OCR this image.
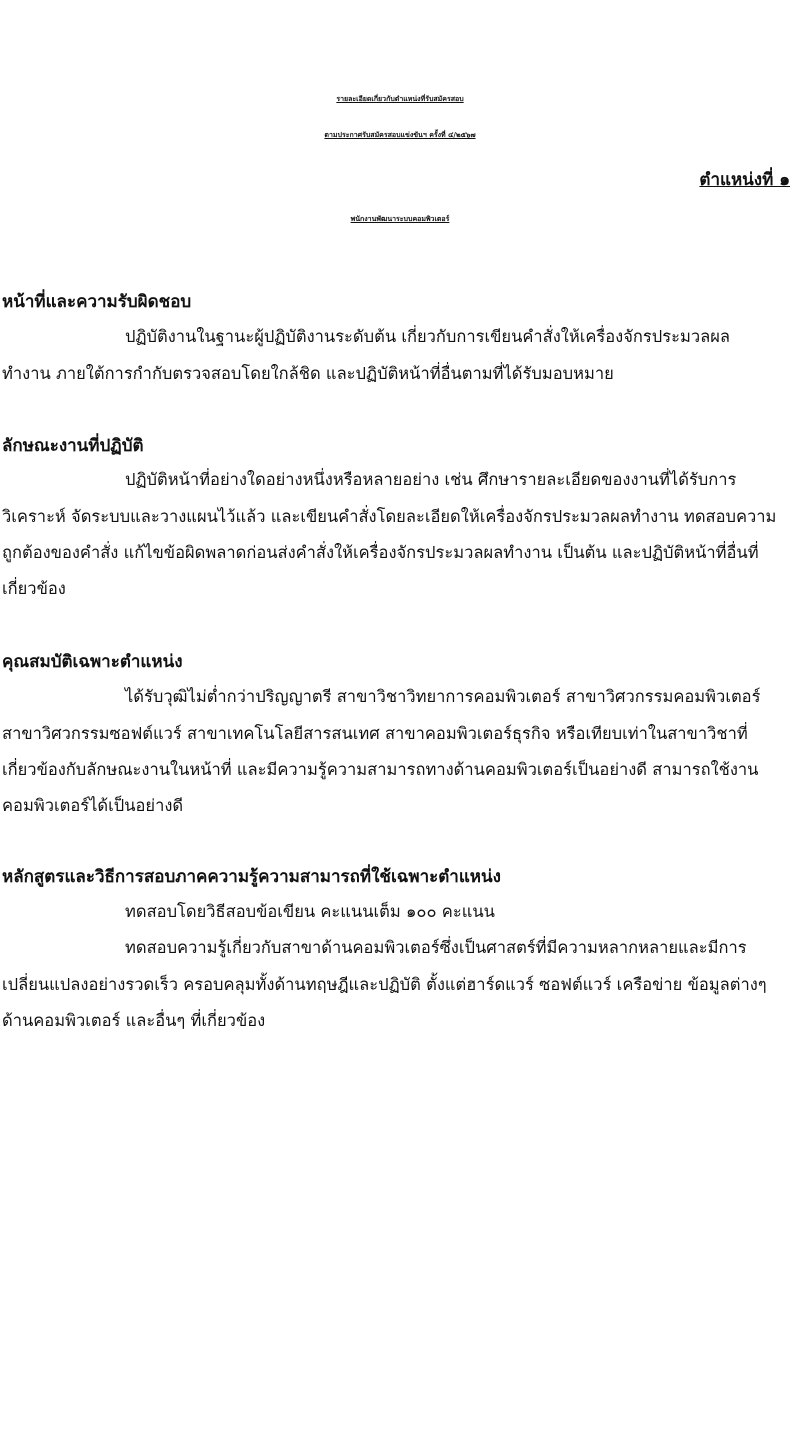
รายละเอียดเกี่ยวกับตำแหน่งที่รับสมัครสอบ
ตามประกาศรับสมัครสอบแข่งขันฯ ครั้งที่ ๔/๒๕๖๗
ตำแหน่งที่ ๑
พนักงานพัฒนาระบบคอมพิวเตอร์
หน้าที่และความรับผิดชอบ
ปฏิบัติงานในฐานะผู้ปฏิบัติงานระดับต้น เกี่ยวกับการเขียนคำสั่งให้เครื่องจักรประมวลผล
ทำงาน ภายใต้การกำกับตรวจสอบโดยใกล้ชิด และปฏิบัติหน้าที่อื่นตามที่ได้รับมอบหมาย
ลักษณะงานที่ปฏิบัติ
ปฏิบัติหน้าที่อย่างใดอย่างหนึ่งหรือหลายอย่าง เช่น ศึกษารายละเอียดของงานที่ได้รับการ
วิเคราะห์ จัดระบบและวางแผนไว้แล้ว และเขียนคำสั่งโดยละเอียดให้เครื่องจักรประมวลผลทำงาน ทดสอบความ
ถูกต้องของคำสั่ง แก้ไขข้อผิดพลาดก่อนส่งคำสั่งให้เครื่องจักรประมวลผลทำงาน เป็นต้น และปฏิบัติหน้าที่อื่นที่
เกี่ยวข้อง
คุณสมบัติเฉพาะตำแหน่ง
ได้รับวุฒิไม่ต่ำกว่าปริญญาตรี สาขาวิชาวิทยาการคอมพิวเตอร์ สาขาวิศวกรรมคอมพิวเตอร์
สาขาวิศวกรรมซอฟต์แวร์ สาขาเทคโนโลยีสารสนเทศ สาขาคอมพิวเตอร์ธุรกิจ หรือเทียบเท่าในสาขาวิชาที่
เกี่ยวข้องกับลักษณะงานในหน้าที่ และมีความรู้ความสามารถทางด้านคอมพิวเตอร์เป็นอย่างดี สามารถใช้งาน
คอมพิวเตอร์ได้เป็นอย่างดี
หลักสูตรและวิธีการสอบภาคความรู้ความสามารถที่ใช้เฉพาะตำแหน่ง
ทดสอบโดยวิธีสอบข้อเขียน คะแนนเต็ม ๑๐๐ คะแนน
ทดสอบความรู้เกี่ยวกับสาขาด้านคอมพิวเตอร์ซึ่งเป็นศาสตร์ที่มีความหลากหลายและมีการ
เปลี่ยนแปลงอย่างรวดเร็ว ครอบคลุมทั้งด้านทฤษฎีและปฏิบัติ ตั้งแต่ฮาร์ดแวร์ ซอฟต์แวร์ เครือข่าย ข้อมูลต่างๆ
ด้านคอมพิวเตอร์ และอื่นๆ ที่เกี่ยวข้อง
